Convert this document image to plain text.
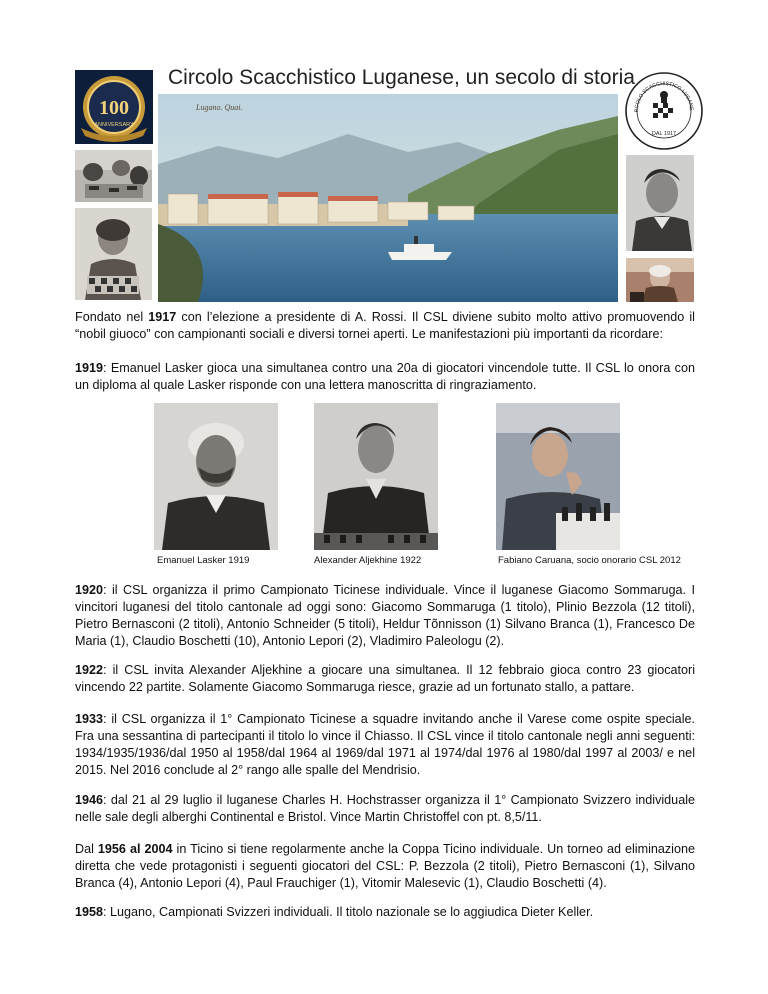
Circolo Scacchistico Luganese, un secolo di storia
100
ANNIVERSARY
Lugano. Quai.	RCOLO SCACCHISTICO LUGANE
DAL 1917
Fondato nel 1917 con l’elezione a presidente di A. Rossi. Il CSL diviene subito molto attivo promuovendo il “nobil giuoco” con campionanti sociali e diversi tornei aperti. Le manifestazioni più importanti da ricordare:
1919: Emanuel Lasker gioca una simultanea contro una 20a di giocatori vincendole tutte. Il CSL lo onora con un diploma al quale Lasker risponde con una lettera manoscritta di ringraziamento.
Emanuel Lasker 1919	Alexander Aljekhine 1922	Fabiano Caruana, socio onorario CSL 2012
1920: il CSL organizza il primo Campionato Ticinese individuale. Vince il luganese Giacomo Sommaruga. I vincitori luganesi del titolo cantonale ad oggi sono: Giacomo Sommaruga (1 titolo), Plinio Bezzola (12 titoli), Pietro Bernasconi (2 titoli), Antonio Schneider (5 titoli), Heldur Tõnnisson (1) Silvano Branca (1), Francesco De Maria (1), Claudio Boschetti (10), Antonio Lepori (2), Vladimiro Paleologu (2).
1922: il CSL invita Alexander Aljekhine a giocare una simultanea. Il 12 febbraio gioca contro 23 giocatori vincendo 22 partite. Solamente Giacomo Sommaruga riesce, grazie ad un fortunato stallo, a pattare.
1933: il CSL organizza il 1° Campionato Ticinese a squadre invitando anche il Varese come ospite speciale. Fra una sessantina di partecipanti il titolo lo vince il Chiasso. Il CSL vince il titolo cantonale negli anni seguenti: 1934/1935/1936/dal 1950 al 1958/dal 1964 al 1969/dal 1971 al 1974/dal 1976 al 1980/dal 1997 al 2003/ e nel 2015. Nel 2016 conclude al 2° rango alle spalle del Mendrisio.
1946: dal 21 al 29 luglio il luganese Charles H. Hochstrasser organizza il 1° Campionato Svizzero individuale nelle sale degli alberghi Continental e Bristol. Vince Martin Christoffel con pt. 8,5/11.
Dal 1956 al 2004 in Ticino si tiene regolarmente anche la Coppa Ticino individuale. Un torneo ad eliminazione diretta che vede protagonisti i seguenti giocatori del CSL: P. Bezzola (2 titoli), Pietro Bernasconi (1), Silvano Branca (4), Antonio Lepori (4), Paul Frauchiger (1), Vitomir Malesevic (1), Claudio Boschetti (4).
1958: Lugano, Campionati Svizzeri individuali. Il titolo nazionale se lo aggiudica Dieter Keller.
